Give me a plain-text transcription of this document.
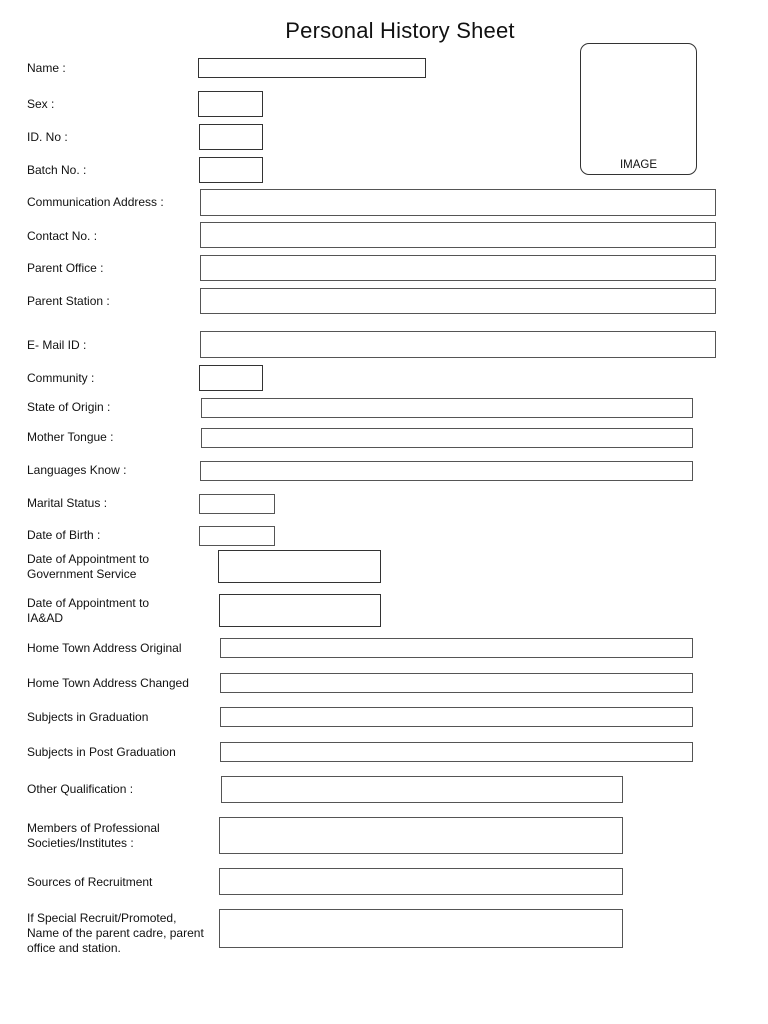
Personal History Sheet
IMAGE
Name :
Sex :
ID. No :
Batch No. :
Communication Address :
Contact No. :
Parent Office :
Parent Station :
E- Mail ID :
Community :
State of Origin :
Mother Tongue :
Languages Know :
Marital Status :
Date of Birth :
Date of Appointment to
Government Service
Date of Appointment to
IA&AD
Home Town Address Original
Home Town Address Changed
Subjects in Graduation
Subjects in Post Graduation
Other Qualification :
Members of Professional
Societies/Institutes :
Sources of Recruitment
If Special Recruit/Promoted,
Name of the parent cadre, parent
office and station.
